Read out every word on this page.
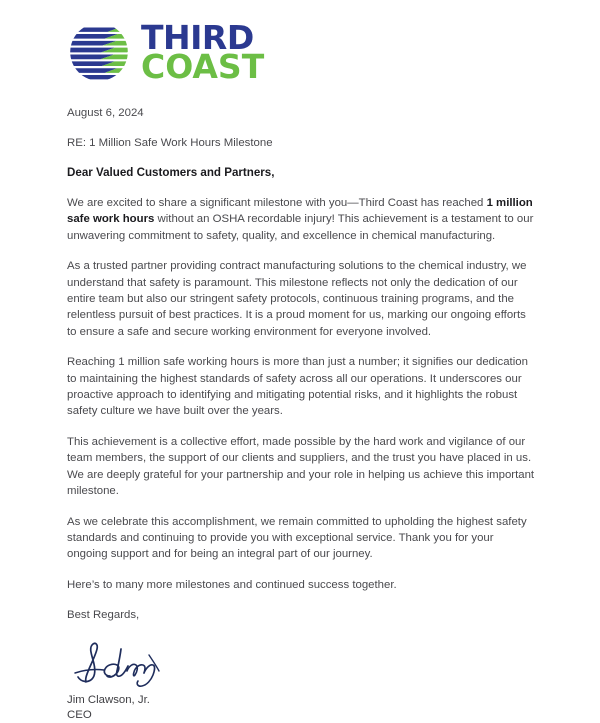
THIRD
COAST
August 6, 2024
RE: 1 Million Safe Work Hours Milestone
Dear Valued Customers and Partners,

We are excited to share a significant milestone with you—Third Coast has reached 1 million safe work hours without an OSHA recordable injury! This achievement is a testament to our unwavering commitment to safety, quality, and excellence in chemical manufacturing.

As a trusted partner providing contract manufacturing solutions to the chemical industry, we understand that safety is paramount. This milestone reflects not only the dedication of our entire team but also our stringent safety protocols, continuous training programs, and the relentless pursuit of best practices. It is a proud moment for us, marking our ongoing efforts to ensure a safe and secure working environment for everyone involved.

Reaching 1 million safe working hours is more than just a number; it signifies our dedication to maintaining the highest standards of safety across all our operations. It underscores our proactive approach to identifying and mitigating potential risks, and it highlights the robust safety culture we have built over the years.

This achievement is a collective effort, made possible by the hard work and vigilance of our team members, the support of our clients and suppliers, and the trust you have placed in us. We are deeply grateful for your partnership and your role in helping us achieve this important milestone.

As we celebrate this accomplishment, we remain committed to upholding the highest safety standards and continuing to provide you with exceptional service. Thank you for your ongoing support and for being an integral part of our journey.

Here’s to many more milestones and continued success together.
Best Regards,
Jim Clawson, Jr.
CEO
